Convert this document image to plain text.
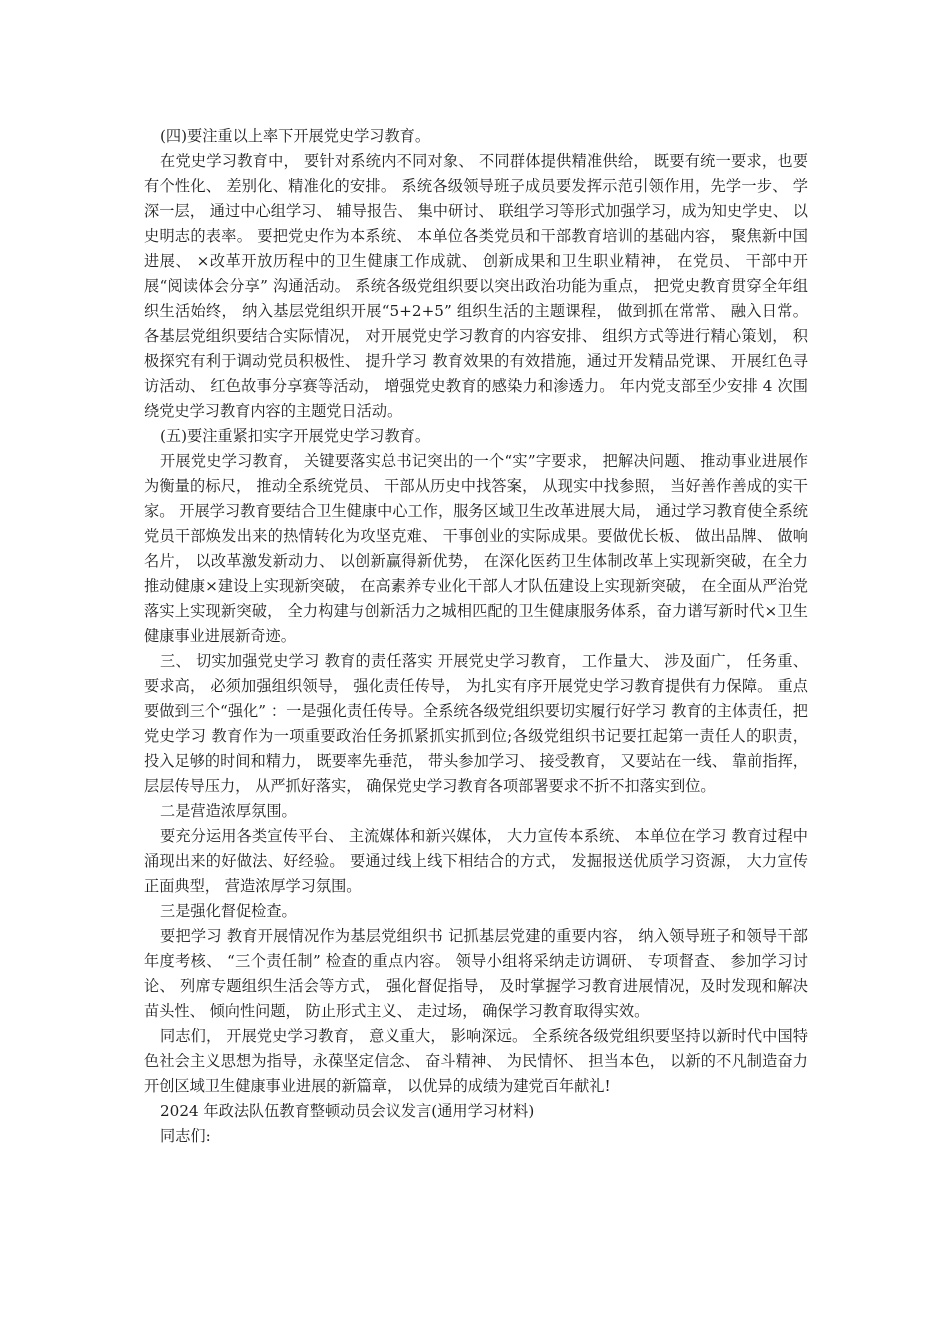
(四)要注重以上率下开展党史学习教育。

在党史学习教育中， 要针对系统内不同对象、 不同群体提供精准供给， 既要有统一要求，也要有个性化、 差别化、精准化的安排。 系统各级领导班子成员要发挥示范引领作用，先学一步、 学深一层， 通过中心组学习、 辅导报告、 集中研讨、 联组学习等形式加强学习，成为知史学史、 以史明志的表率。 要把党史作为本系统、 本单位各类党员和干部教育培训的基础内容， 聚焦新中国进展、 ×改革开放历程中的卫生健康工作成就、 创新成果和卫生职业精神， 在党员、 干部中开展“阅读体会分享” 沟通活动。 系统各级党组织要以突出政治功能为重点， 把党史教育贯穿全年组织生活始终， 纳入基层党组织开展“5+2+5” 组织生活的主题课程， 做到抓在常常、 融入日常。 各基层党组织要结合实际情况， 对开展党史学习教育的内容安排、 组织方式等进行精心策划， 积极探究有利于调动党员积极性、 提升学习 教育效果的有效措施，通过开发精品党课、 开展红色寻访活动、 红色故事分享赛等活动， 增强党史教育的感染力和渗透力。 年内党支部至少安排 4 次围绕党史学习教育内容的主题党日活动。

(五)要注重紧扣实字开展党史学习教育。

开展党史学习教育， 关键要落实总书记突出的一个“实”字要求， 把解决问题、 推动事业进展作为衡量的标尺， 推动全系统党员、 干部从历史中找答案， 从现实中找参照， 当好善作善成的实干家。 开展学习教育要结合卫生健康中心工作，服务区域卫生改革进展大局， 通过学习教育使全系统党员干部焕发出来的热情转化为攻坚克难、 干事创业的实际成果。要做优长板、 做出品牌、 做响名片， 以改革激发新动力、 以创新赢得新优势， 在深化医药卫生体制改革上实现新突破，在全力推动健康×建设上实现新突破， 在高素养专业化干部人才队伍建设上实现新突破， 在全面从严治党落实上实现新突破， 全力构建与创新活力之城相匹配的卫生健康服务体系，奋力谱写新时代×卫生健康事业进展新奇迹。

三、 切实加强党史学习 教育的责任落实 开展党史学习教育， 工作量大、 涉及面广， 任务重、 要求高， 必须加强组织领导， 强化责任传导， 为扎实有序开展党史学习教育提供有力保障。 重点要做到三个“强化” ：一是强化责任传导。全系统各级党组织要切实履行好学习 教育的主体责任，把党史学习 教育作为一项重要政治任务抓紧抓实抓到位;各级党组织书记要扛起第一责任人的职责， 投入足够的时间和精力， 既要率先垂范， 带头参加学习、 接受教育， 又要站在一线、 靠前指挥， 层层传导压力， 从严抓好落实， 确保党史学习教育各项部署要求不折不扣落实到位。

二是营造浓厚氛围。

要充分运用各类宣传平台、 主流媒体和新兴媒体， 大力宣传本系统、 本单位在学习 教育过程中涌现出来的好做法、好经验。 要通过线上线下相结合的方式， 发掘报送优质学习资源， 大力宣传正面典型， 营造浓厚学习氛围。

三是强化督促检查。

要把学习 教育开展情况作为基层党组织书 记抓基层党建的重要内容， 纳入领导班子和领导干部年度考核、 “三个责任制” 检查的重点内容。 领导小组将采纳走访调研、 专项督查、 参加学习讨论、 列席专题组织生活会等方式， 强化督促指导， 及时掌握学习教育进展情况，及时发现和解决苗头性、 倾向性问题， 防止形式主义、 走过场， 确保学习教育取得实效。

同志们， 开展党史学习教育， 意义重大， 影响深远。 全系统各级党组织要坚持以新时代中国特色社会主义思想为指导，永葆坚定信念、 奋斗精神、 为民情怀、 担当本色， 以新的不凡制造奋力开创区域卫生健康事业进展的新篇章， 以优异的成绩为建党百年献礼!

2024 年政法队伍教育整顿动员会议发言(通用学习材料)

同志们:
